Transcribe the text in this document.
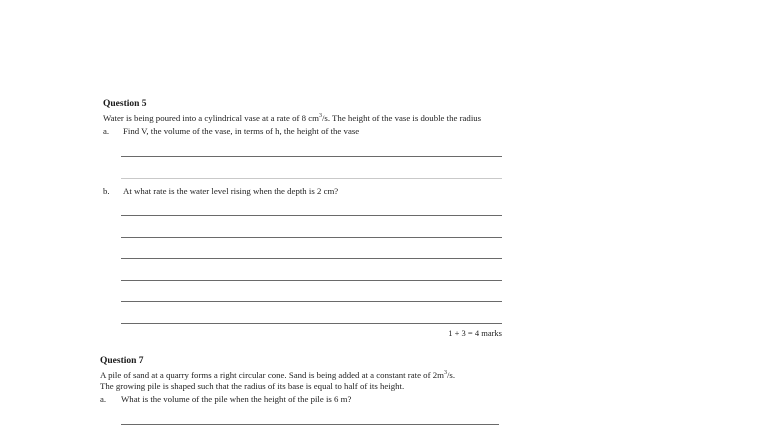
Question 5
Water is being poured into a cylindrical vase at a rate of 8 $cm^3/s$. The height of the vase is double the radius
a. Find V, the volume of the vase, in terms of h, the height of the vase
b. At what rate is the water level rising when the depth is 2 cm?
1 + 3 = 4 marks
Question 7
A pile of sand at a quarry forms a right circular cone. Sand is being added at a constant rate of $2m^3/s$.
The growing pile is shaped such that the radius of its base is equal to half of its height.
a. What is the volume of the pile when the height of the pile is 6 m?
